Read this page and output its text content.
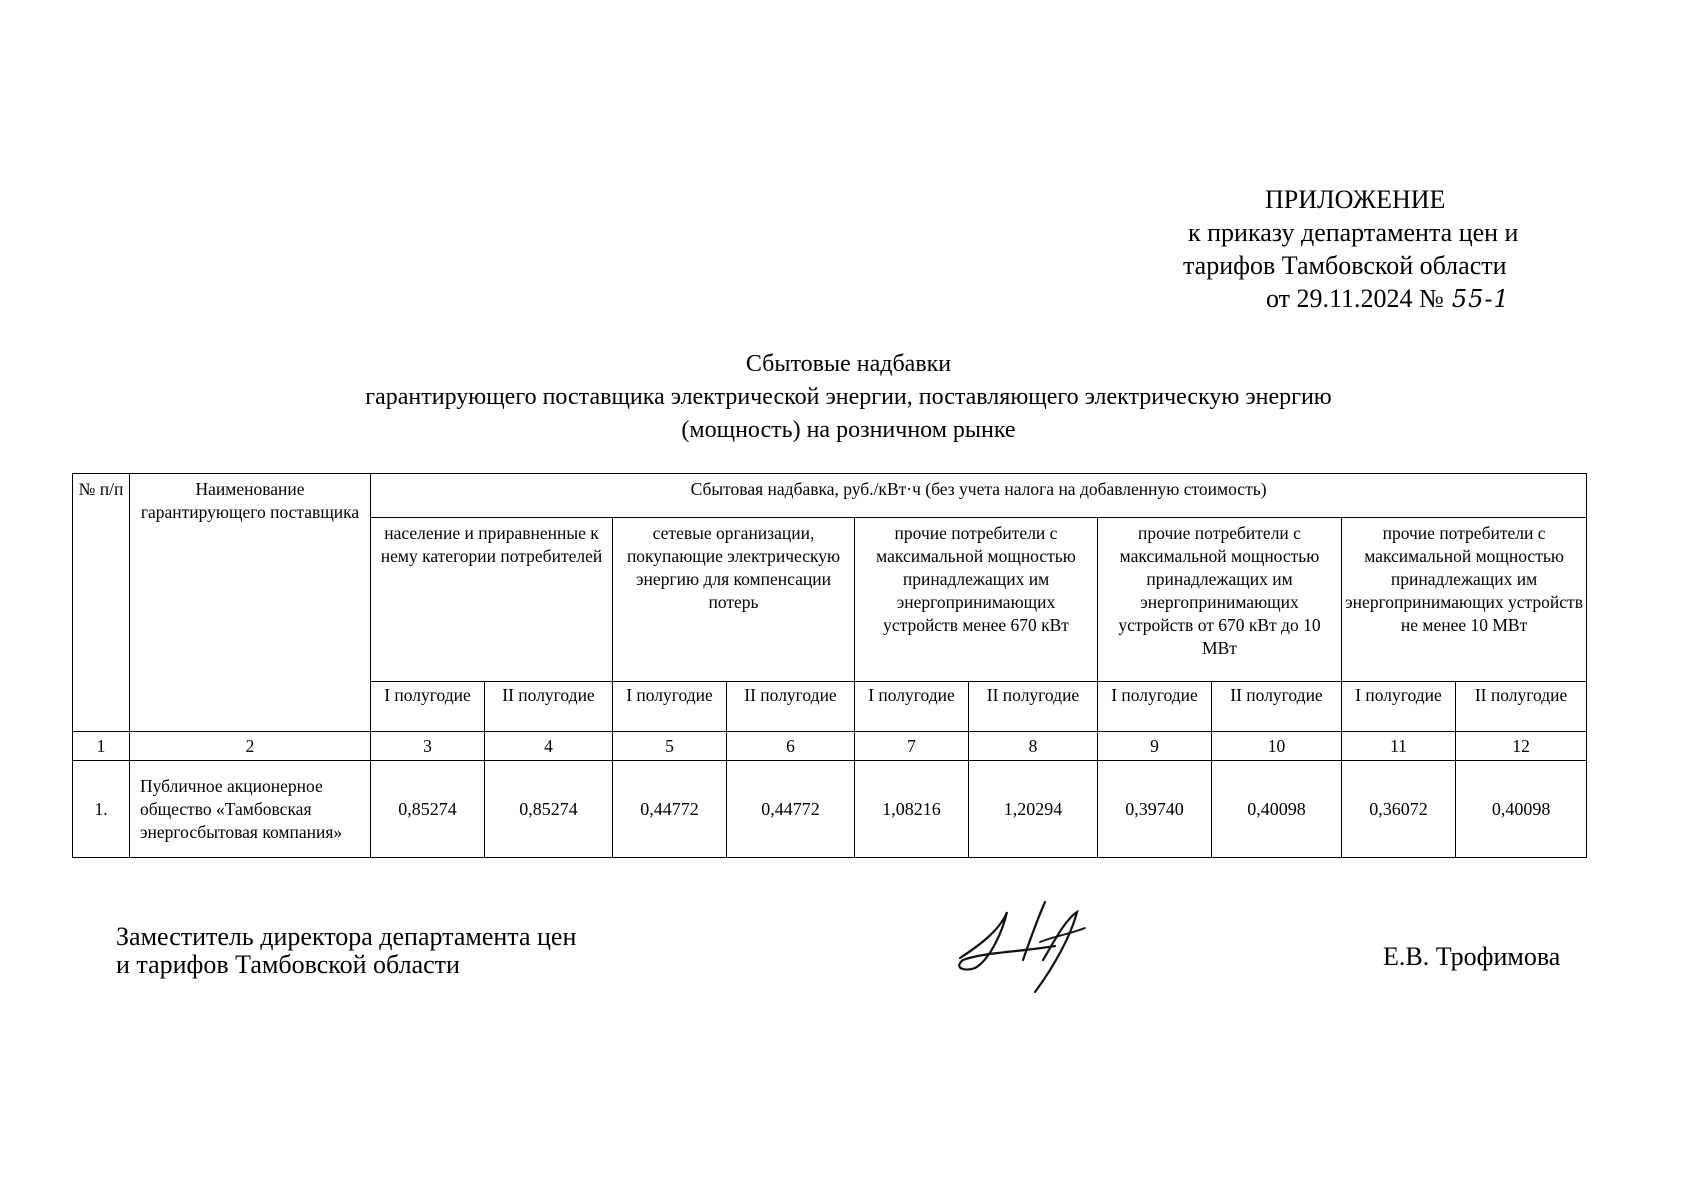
ПРИЛОЖЕНИЕ
к приказу департамента цен и
тарифов Тамбовской области
от 29.11.2024 № 55-1
Сбытовые надбавки
гарантирующего поставщика электрической энергии, поставляющего электрическую энергию
(мощность) на розничном рынке
№ п/п	Наименование гарантирующего поставщика	Сбытовая надбавка, руб./кВт·ч (без учета налога на добавленную стоимость)									
		население и приравненные к нему категории потребителей		сетевые организации, покупающие электрическую энергию для компенсации потерь		прочие потребители с максимальной мощностью принадлежащих им энергопринимающих устройств менее 670 кВт		прочие потребители с максимальной мощностью принадлежащих им энергопринимающих устройств от 670 кВт до 10 МВт		прочие потребители с максимальной мощностью принадлежащих им энергопринимающих устройств не менее 10 МВт	
		I полугодие	II полугодие	I полугодие	II полугодие	I полугодие	II полугодие	I полугодие	II полугодие	I полугодие	II полугодие
1	2	3	4	5	6	7	8	9	10	11	12
1.	Публичное акционерное общество «Тамбовская энергосбытовая компания»	0,85274	0,85274	0,44772	0,44772	1,08216	1,20294	0,39740	0,40098	0,36072	0,40098
Заместитель директора департамента цен
и тарифов Тамбовской области	Е.В. Трофимова
